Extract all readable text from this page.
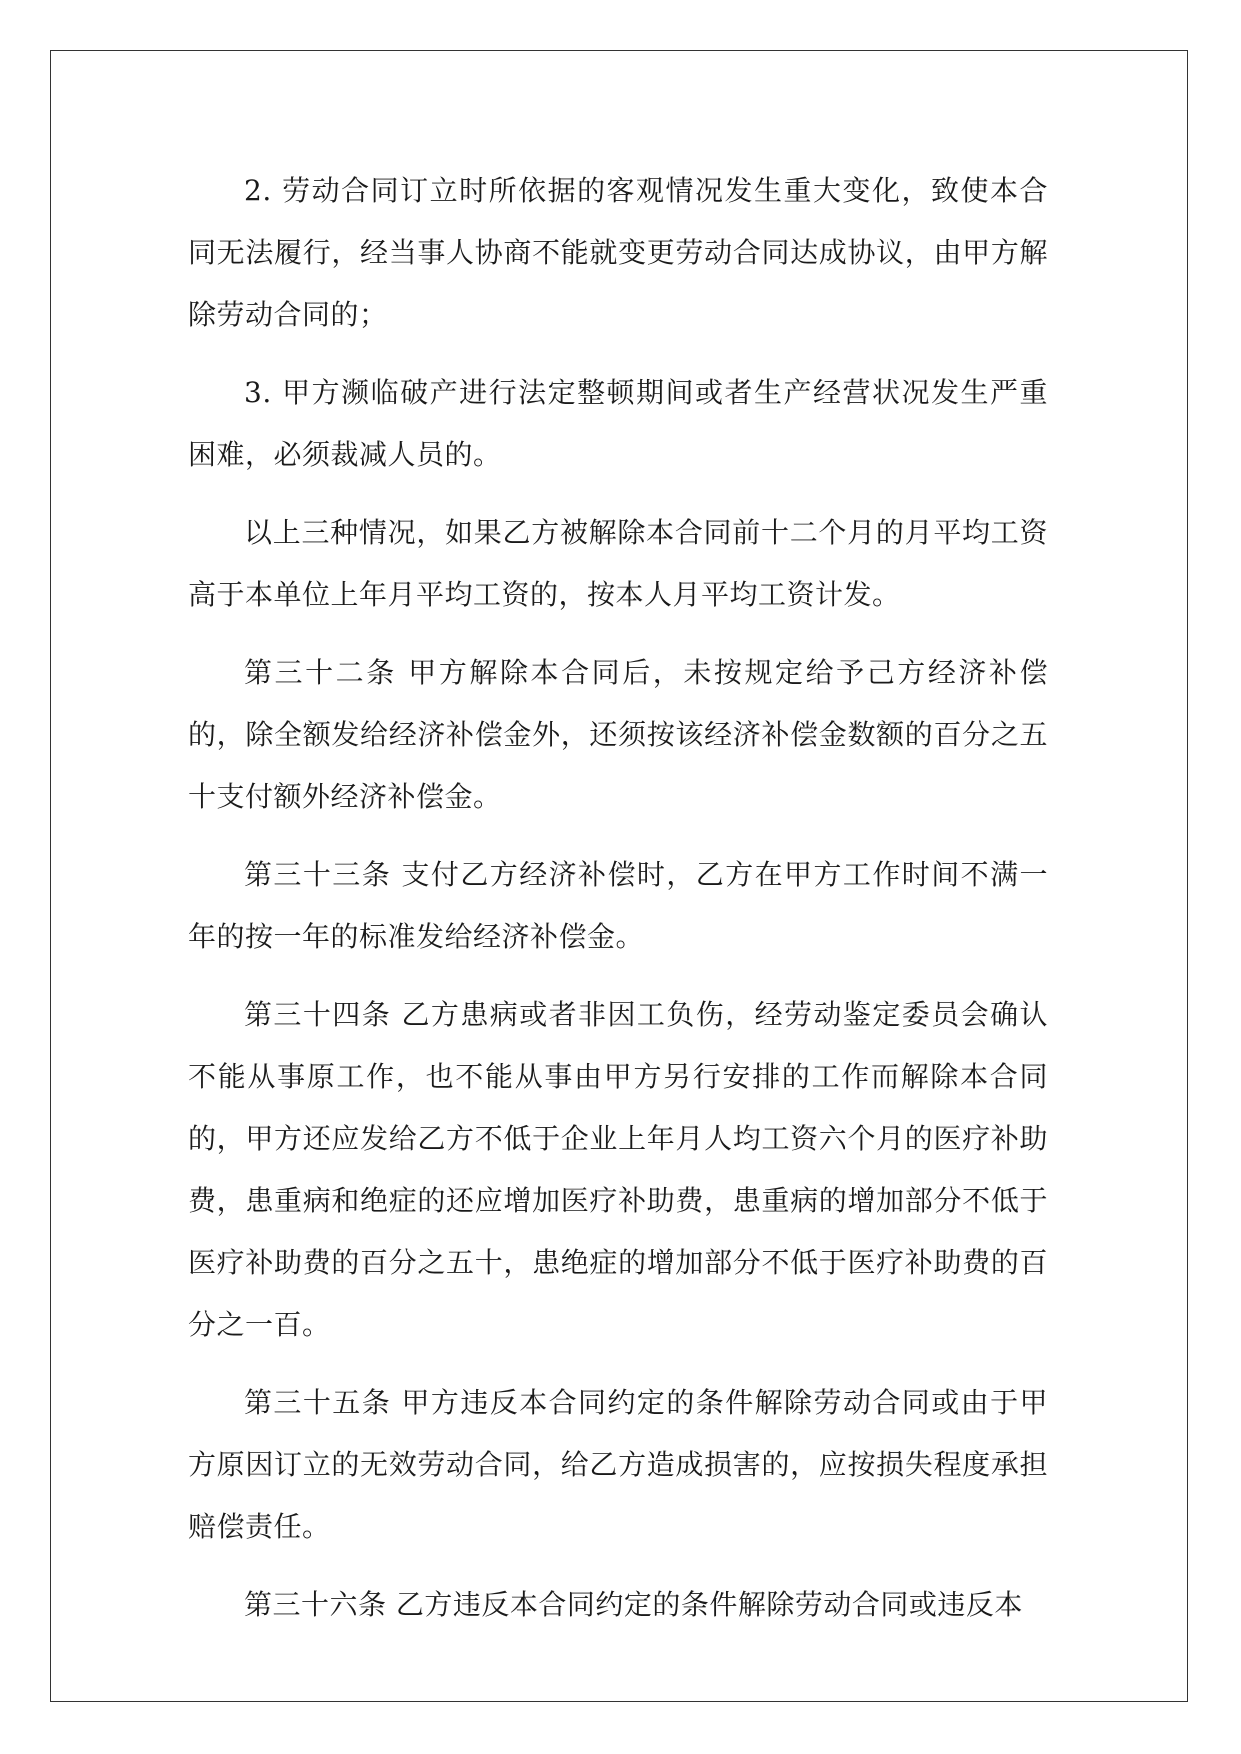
2. 劳动合同订立时所依据的客观情况发生重大变化，致使本合同无法履行，经当事人协商不能就变更劳动合同达成协议，由甲方解除劳动合同的；

3. 甲方濒临破产进行法定整顿期间或者生产经营状况发生严重困难，必须裁减人员的。

以上三种情况，如果乙方被解除本合同前十二个月的月平均工资高于本单位上年月平均工资的，按本人月平均工资计发。

第三十二条 甲方解除本合同后，未按规定给予己方经济补偿的，除全额发给经济补偿金外，还须按该经济补偿金数额的百分之五十支付额外经济补偿金。

第三十三条 支付乙方经济补偿时，乙方在甲方工作时间不满一年的按一年的标准发给经济补偿金。

第三十四条 乙方患病或者非因工负伤，经劳动鉴定委员会确认不能从事原工作，也不能从事由甲方另行安排的工作而解除本合同的，甲方还应发给乙方不低于企业上年月人均工资六个月的医疗补助费，患重病和绝症的还应增加医疗补助费，患重病的增加部分不低于医疗补助费的百分之五十，患绝症的增加部分不低于医疗补助费的百分之一百。

第三十五条 甲方违反本合同约定的条件解除劳动合同或由于甲方原因订立的无效劳动合同，给乙方造成损害的，应按损失程度承担赔偿责任。

第三十六条 乙方违反本合同约定的条件解除劳动合同或违反本
